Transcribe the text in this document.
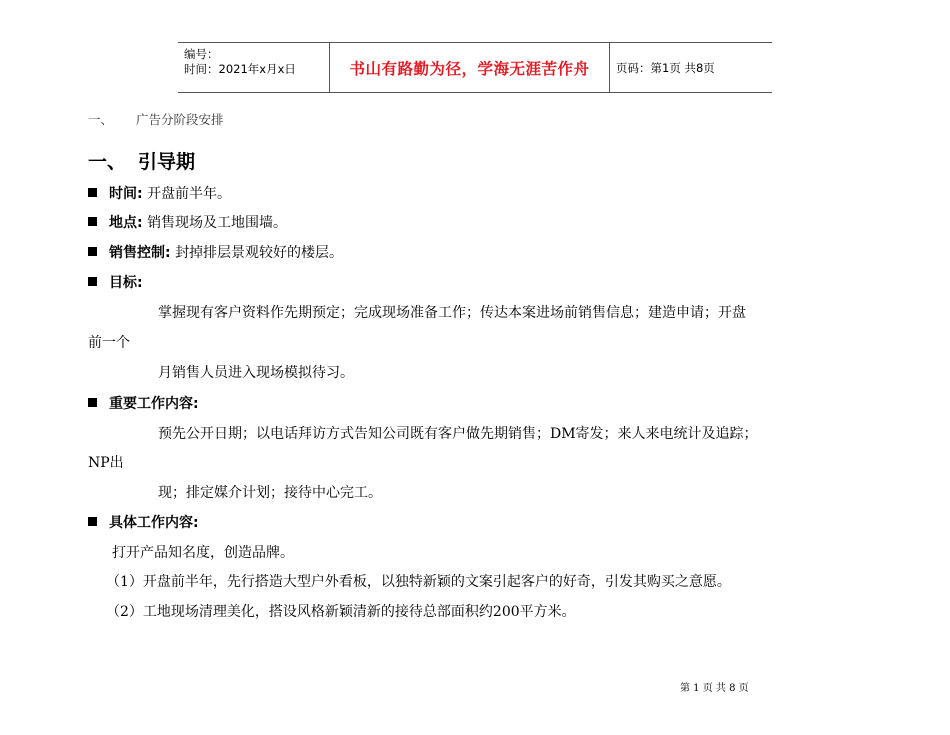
编号：
时间：2021年x月x日	书山有路勤为径，学海无涯苦作舟	页码：第1页 共8页
一、 广告分阶段安排
一、 引导期
时间: 开盘前半年。
地点: 销售现场及工地围墙。
销售控制: 封掉排层景观较好的楼层。
目标:
掌握现有客户资料作先期预定；完成现场准备工作；传达本案进场前销售信息；建造申请；开盘
前一个
月销售人员进入现场模拟待习。
重要工作内容:
预先公开日期；以电话拜访方式告知公司既有客户做先期销售；DM寄发；来人来电统计及追踪；
NP出
现；排定媒介计划；接待中心完工。
具体工作内容:
打开产品知名度，创造品牌。
（1）开盘前半年，先行搭造大型户外看板，以独特新颖的文案引起客户的好奇，引发其购买之意愿。
（2）工地现场清理美化，搭设风格新颖清新的接待总部面积约200平方米。
第 1 页 共 8 页
